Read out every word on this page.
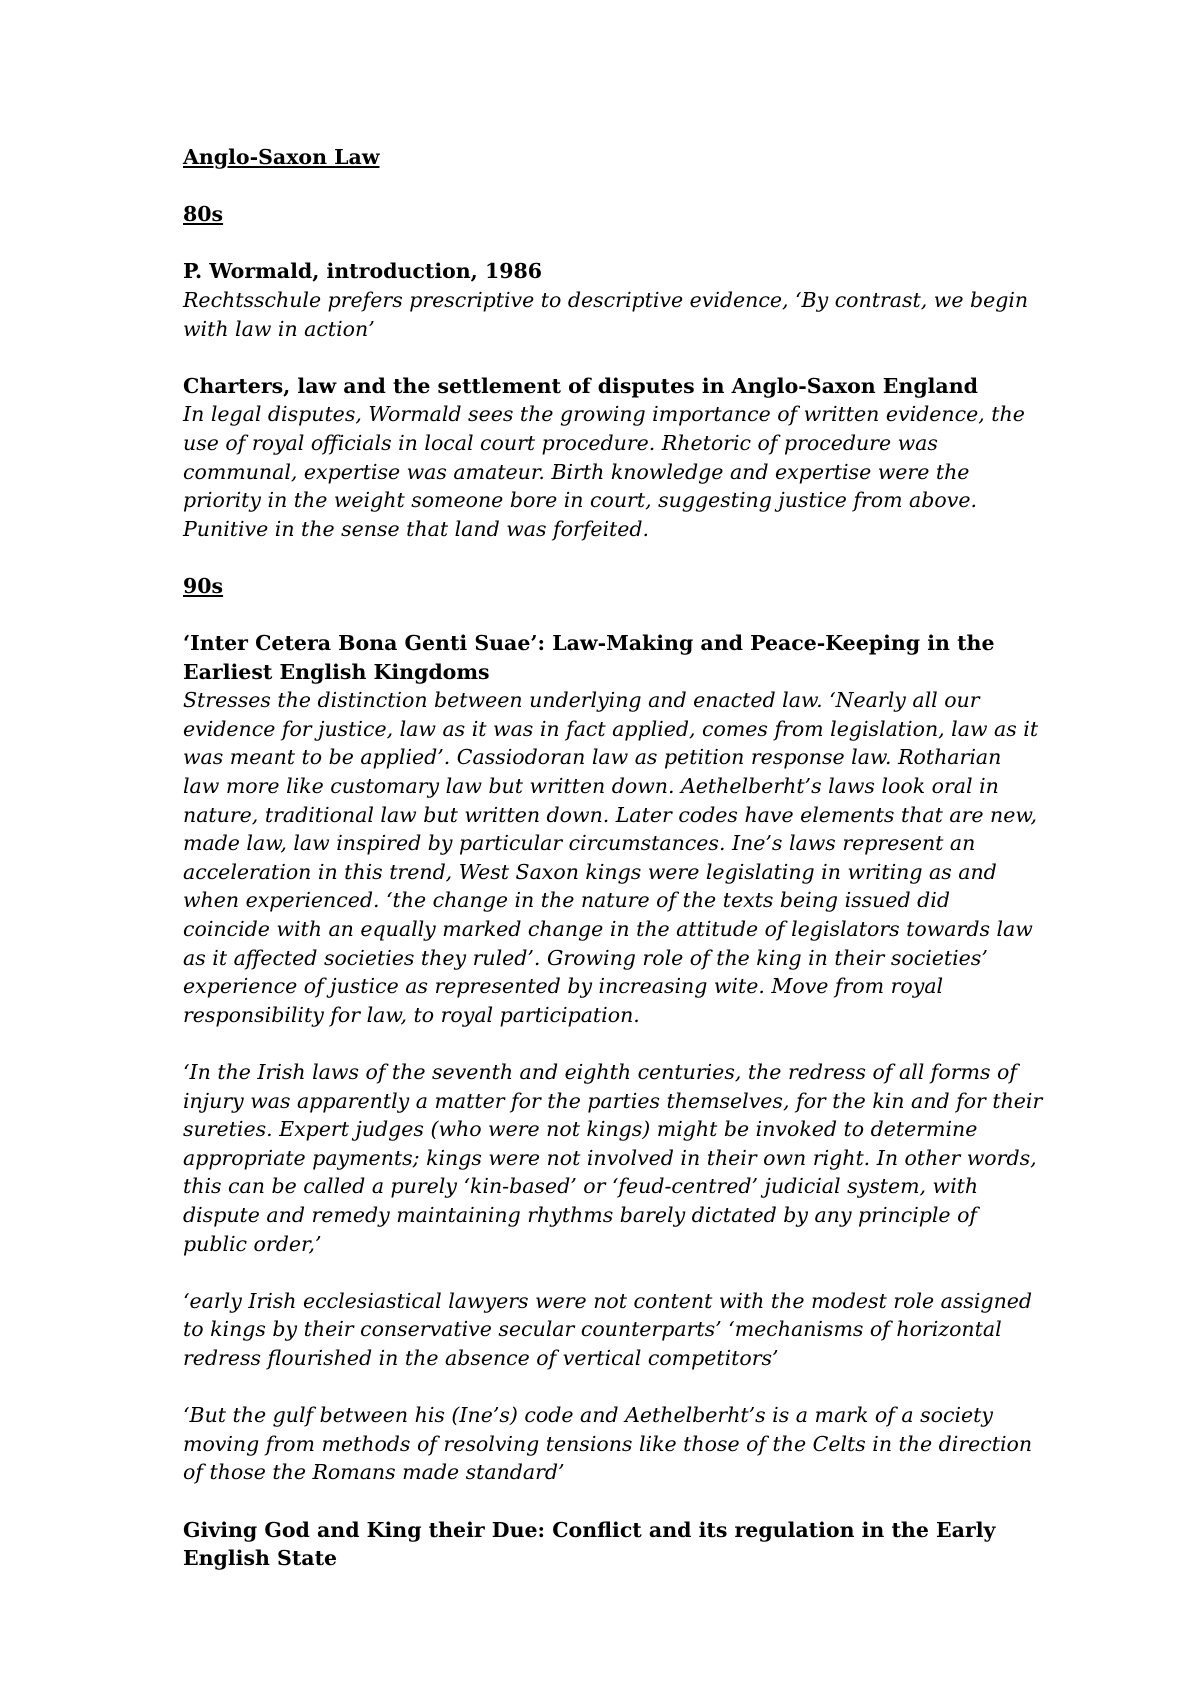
Anglo-Saxon Law

80s

P. Wormald, introduction, 1986

Rechtsschule prefers prescriptive to descriptive evidence, ‘By contrast, we begin with law in action’

Charters, law and the settlement of disputes in Anglo-Saxon England

In legal disputes, Wormald sees the growing importance of written evidence, the use of royal officials in local court procedure. Rhetoric of procedure was communal, expertise was amateur. Birth knowledge and expertise were the priority in the weight someone bore in court, suggesting justice from above. Punitive in the sense that land was forfeited.

90s

‘Inter Cetera Bona Genti Suae’: Law-Making and Peace-Keeping in the Earliest English Kingdoms

Stresses the distinction between underlying and enacted law. ‘Nearly all our evidence for justice, law as it was in fact applied, comes from legislation, law as it was meant to be applied’. Cassiodoran law as petition response law. Rotharian law more like customary law but written down. Aethelberht’s laws look oral in nature, traditional law but written down. Later codes have elements that are new, made law, law inspired by particular circumstances. Ine’s laws represent an acceleration in this trend, West Saxon kings were legislating in writing as and when experienced. ‘the change in the nature of the texts being issued did coincide with an equally marked change in the attitude of legislators towards law as it affected societies they ruled’. Growing role of the king in their societies’ experience of justice as represented by increasing wite. Move from royal responsibility for law, to royal participation.

‘In the Irish laws of the seventh and eighth centuries, the redress of all forms of injury was apparently a matter for the parties themselves, for the kin and for their sureties. Expert judges (who were not kings) might be invoked to determine appropriate payments; kings were not involved in their own right. In other words, this can be called a purely ‘kin-based’ or ‘feud-centred’ judicial system, with dispute and remedy maintaining rhythms barely dictated by any principle of public order,’

‘early Irish ecclesiastical lawyers were not content with the modest role assigned to kings by their conservative secular counterparts’ ‘mechanisms of horizontal redress flourished in the absence of vertical competitors’

‘But the gulf between his (Ine’s) code and Aethelberht’s is a mark of a society moving from methods of resolving tensions like those of the Celts in the direction of those the Romans made standard’

Giving God and King their Due: Conflict and its regulation in the Early English State
